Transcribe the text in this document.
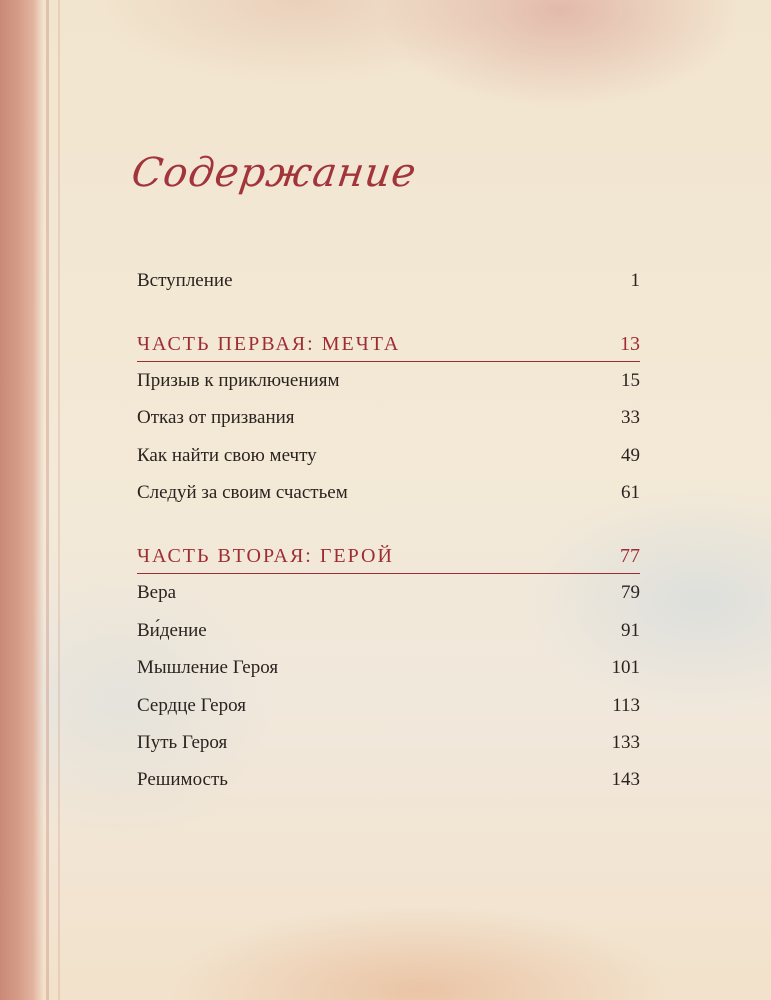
Содержание
Вступление	1
ЧАСТЬ ПЕРВАЯ: МЕЧТА	13
Призыв к приключениям	15
Отказ от призвания	33
Как найти свою мечту	49
Следуй за своим счастьем	61
ЧАСТЬ ВТОРАЯ: ГЕРОЙ	77
Вера	79
Ви́дение	91
Мышление Героя	101
Сердце Героя	113
Путь Героя	133
Решимость	143
